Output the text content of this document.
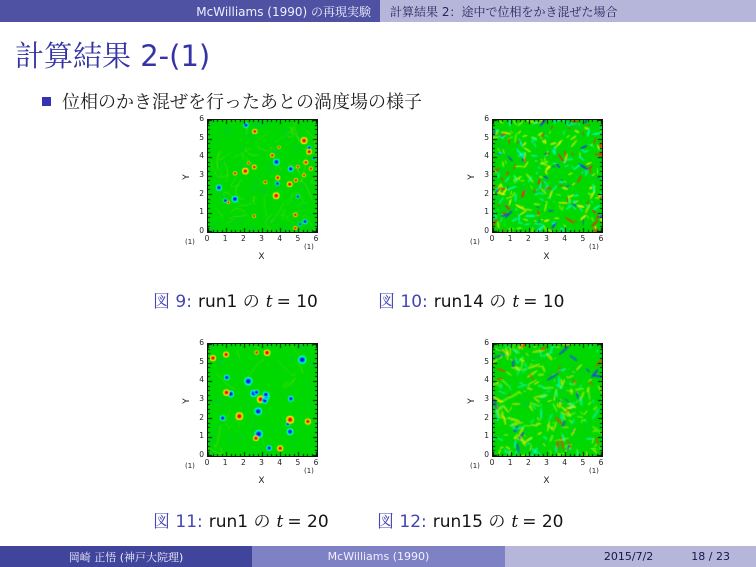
McWilliams (1990) の再現実験 計算結果 2：途中で位相をかき混ぜた場合
計算結果 2-(1)
位相のかき混ぜを行ったあとの渦度場の様子
Y
X
(1)
(1)
0	1	2	3	4	5	6
0
1
2
3
4
5
6
Y
X
(1)
(1)
0	1	2	3	4	5	6
0
1
2
3
4
5
6
Y
X
(1)
(1)
0	1	2	3	4	5	6
0
1
2
3
4
5
6
Y
X
(1)
(1)
0	1	2	3	4	5	6
0
1
2
3
4
5
6
図 9: run1 の t = 10	図 10: run14 の t = 10
図 11: run1 の t = 20	図 12: run15 の t = 20
岡崎 正悟 (神戸大院理)	McWilliams (1990)	2015/7/2	18 / 23
